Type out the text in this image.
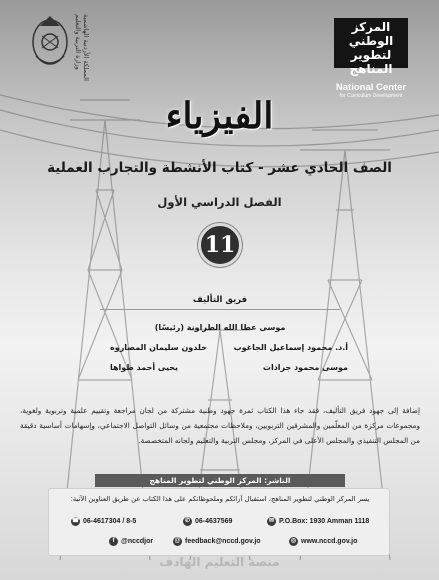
المملكة الأردنية الهاشمية
وزارة التربية والتعليم	المركز الوطني لتطوير المناهج
National Center
for Curriculum Development
الفيزياء
الصف الحادي عشر - كتاب الأنشطة والتجارب العملية
الفصل الدراسي الأول
11
فريق التأليف
موسى عطا الله الطراونة (رئيسًا)
أ.د. محمود إسماعيل الجاغوب
خلدون سليمان المصاروه
موسى محمود جرادات
يحيى أحمد طواها
إضافة إلى جهود فريق التأليف، فقد جاء هذا الكتاب ثمرة جهود وطنية مشتركة من لجان مراجعة وتقييم علمية وتربوية ولغوية، ومجموعات مركزة من المعلّمين والمشرفين التربويين، وملاحظات مجتمعية من وسائل التواصل الاجتماعي، وإسهامات أساسية دقيقة من المجلس التنفيذي والمجلس الأعلى في المركز، ومجلس التربية والتعليم ولجانه المتخصصة.
الناشر: المركز الوطني لتطوير المناهج
يسر المركز الوطني لتطوير المناهج، استقبال آرائكم وملحوظاتكم على هذا الكتاب عن طريق العناوين الآتية:
☎ 06-4617304 / 8-5	✆ 06-4637569	✉ P.O.Box: 1930 Amman 1118
f @nccdjor	@ feedback@nccd.gov.jo	◎ www.nccd.gov.jo
منصة التعليم الهادف
